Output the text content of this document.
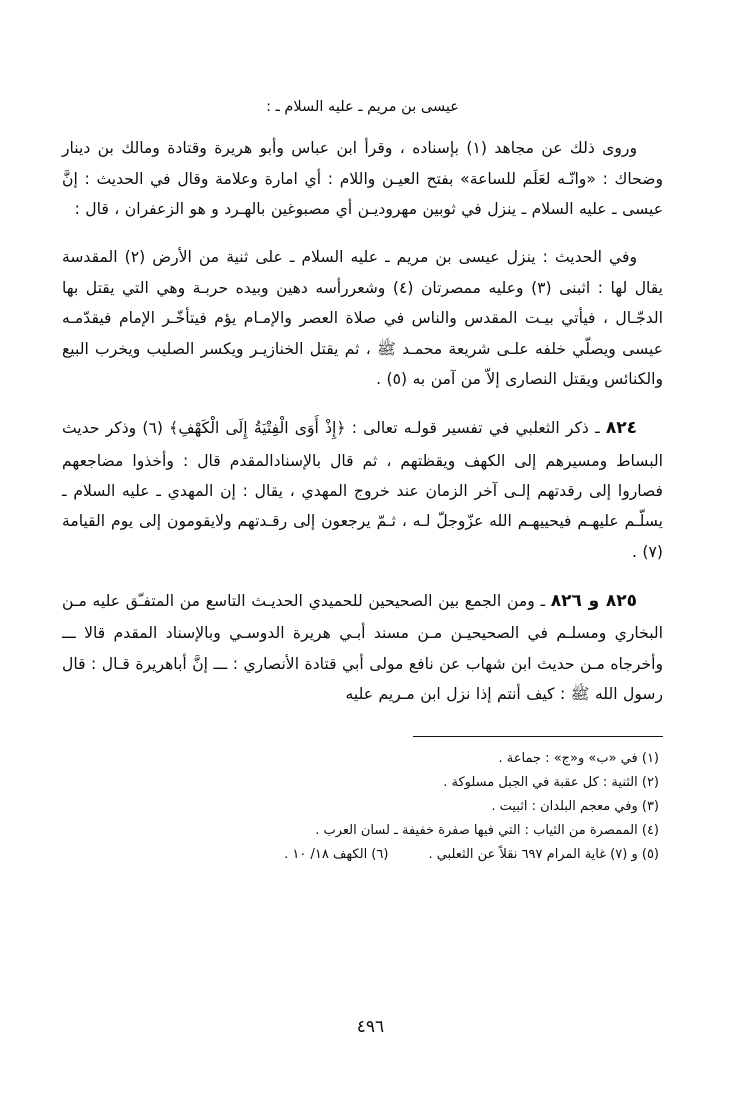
عيسى بن مريم ـ عليه السلام ـ :

وروى ذلك عن مجاهد (١) بإسناده ، وقرأ ابن عباس وأبو هريرة وقتادة ومالك بن دينار وضحاك : «وانّـه لعَلَم للساعة» بفتح العيـن واللام : أي امارة وعلامة وقال في الحديث : إنَّ عيسى ـ عليه السلام ـ ينزل في ثوبين مهروديـن أي مصبوغين بالهـرد و هو الزعفران ، قال :

وفي الحديث : ينزل عيسى بن مريم ـ عليه السلام ـ على ثنية من الأرض (٢) المقدسة يقال لها : اثبنى (٣) وعليه ممصرتان (٤) وشعررأسه دهين وبيده حربـة وهي التي يقتل بها الدجّـال ، فيأتي بيـت المقدس والناس في صلاة العصر والإمـام يؤم فيتأخّـر الإمام فيقدّمـه عيسى ويصلّي خلفه علـى شريعة محمـد ﷺ ، ثم يقتل الخنازيـر ويكسر الصليب ويخرب البيع والكنائس ويقتل النصارى إلاّ من آمن به (٥) .

٨٢٤ ـ ذكر الثعلبي في تفسير قولـه تعالى : ﴿إِذْ أَوَى الْفِتْيَةُ إِلَى الْكَهْفِ﴾ (٦) وذكر حديث البساط ومسيرهم إلى الكهف ويقظتهم ، ثم قال بالإسنادالمقدم قال : وأخذوا مضاجعهم فصاروا إلى رقدتهم إلـى آخر الزمان عند خروج المهدي ، يقال : إن المهدي ـ عليه السلام ـ يسلّـم عليهـم فيحييهـم الله عزّوجلّ لـه ، ثـمّ يرجعون إلى رقـدتهم ولايقومون إلى يوم القيامة (٧) .

٨٢٥ و ٨٢٦ ـ ومن الجمع بين الصحيحين للحميدي الحديـث التاسع من المتفـّق عليه مـن البخاري ومسلـم في الصحيحيـن مـن مسند أبـي هريرة الدوسـي وبالإسناد المقدم قالا ـــ وأخرجاه مـن حديث ابن شهاب عن نافع مولى أبي قتادة الأنصاري : ـــ إنَّ أباهريرة قـال : قال رسول الله ﷺ : كيف أنتم إذا نزل ابن مـريم عليه

(١) في «ب» و«ج» : جماعة .
(٢) الثنية : كل عقبة في الجبل مسلوكة .
(٣) وفي معجم البلدان : اثبيت .
(٤) الممصرة من الثياب : التي فيها صفرة خفيفة ـ لسان العرب .
(٥) و (٧) غاية المرام ٦٩٧ نقلاً عن الثعلبي .
(٦) الكهف ١٨/ ١٠ .
٤٩٦
